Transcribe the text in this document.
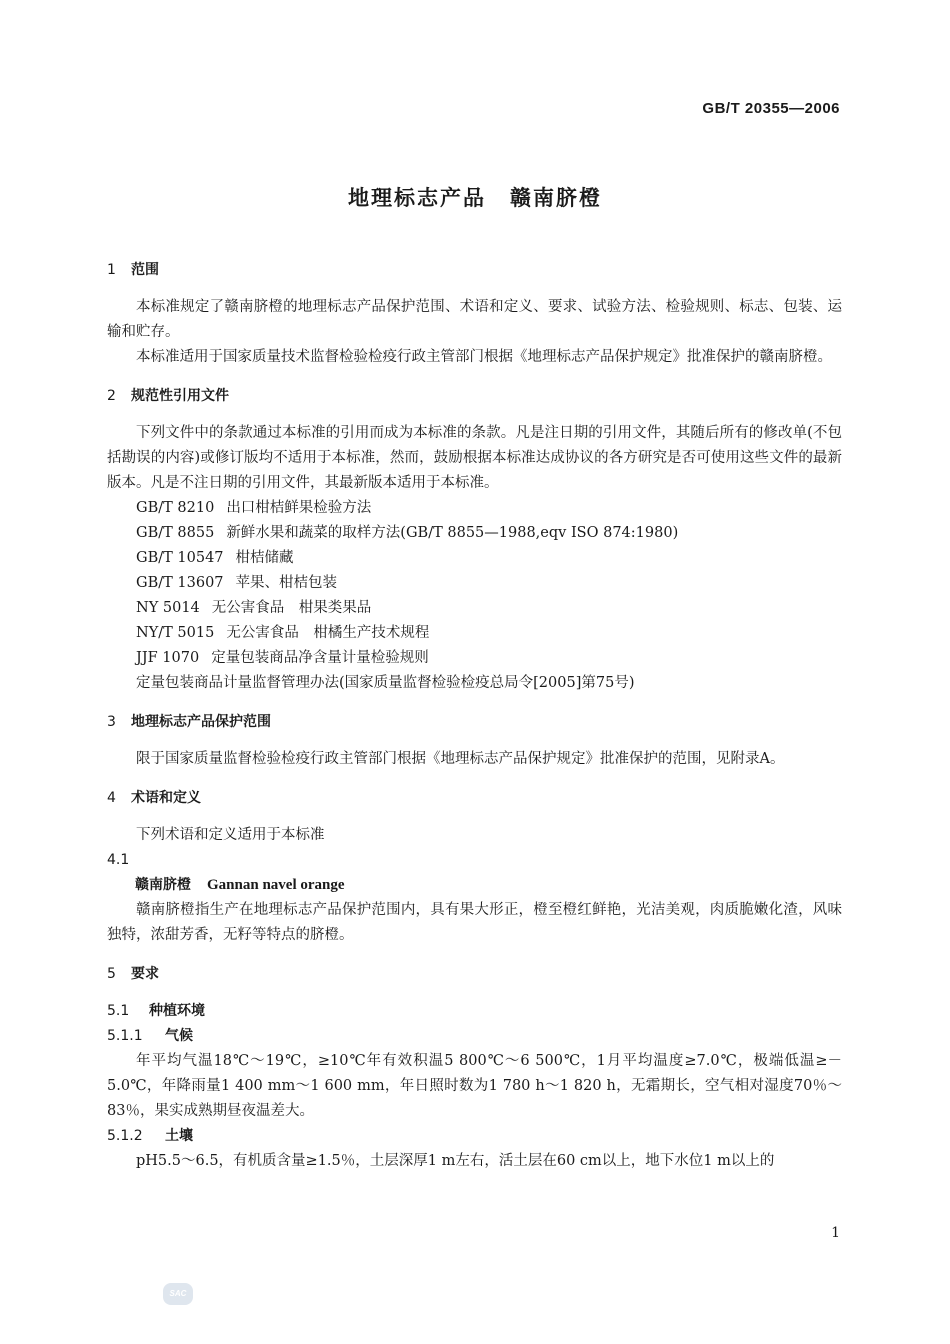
GB/T 20355—2006
地理标志产品 赣南脐橙
1 范围
本标准规定了赣南脐橙的地理标志产品保护范围、术语和定义、要求、试验方法、检验规则、标志、包装、运输和贮存。
本标准适用于国家质量技术监督检验检疫行政主管部门根据《地理标志产品保护规定》批准保护的赣南脐橙。
2 规范性引用文件
下列文件中的条款通过本标准的引用而成为本标准的条款。凡是注日期的引用文件，其随后所有的修改单(不包括勘误的内容)或修订版均不适用于本标准，然而，鼓励根据本标准达成协议的各方研究是否可使用这些文件的最新版本。凡是不注日期的引用文件，其最新版本适用于本标准。
GB/T 8210 出口柑桔鲜果检验方法
GB/T 8855 新鲜水果和蔬菜的取样方法(GB/T 8855—1988,eqv ISO 874:1980)
GB/T 10547 柑桔储藏
GB/T 13607 苹果、柑桔包装
NY 5014 无公害食品　柑果类果品
NY/T 5015 无公害食品　柑橘生产技术规程
JJF 1070 定量包装商品净含量计量检验规则
定量包装商品计量监督管理办法(国家质量监督检验检疫总局令[2005]第75号)
3 地理标志产品保护范围
限于国家质量监督检验检疫行政主管部门根据《地理标志产品保护规定》批准保护的范围，见附录A。
4 术语和定义
下列术语和定义适用于本标准
4.1
赣南脐橙 Gannan navel orange
赣南脐橙指生产在地理标志产品保护范围内，具有果大形正，橙至橙红鲜艳，光洁美观，肉质脆嫩化渣，风味独特，浓甜芳香，无籽等特点的脐橙。
5 要求
5.1 种植环境
5.1.1 气候
年平均气温18℃～19℃，≥10℃年有效积温5 800℃～6 500℃，1月平均温度≥7.0℃，极端低温≥－5.0℃，年降雨量1 400 mm～1 600 mm，年日照时数为1 780 h～1 820 h，无霜期长，空气相对湿度70％～83％，果实成熟期昼夜温差大。
5.1.2 土壤
pH5.5～6.5，有机质含量≥1.5％，土层深厚1 m左右，活土层在60 cm以上，地下水位1 m以上的
1
SAC
